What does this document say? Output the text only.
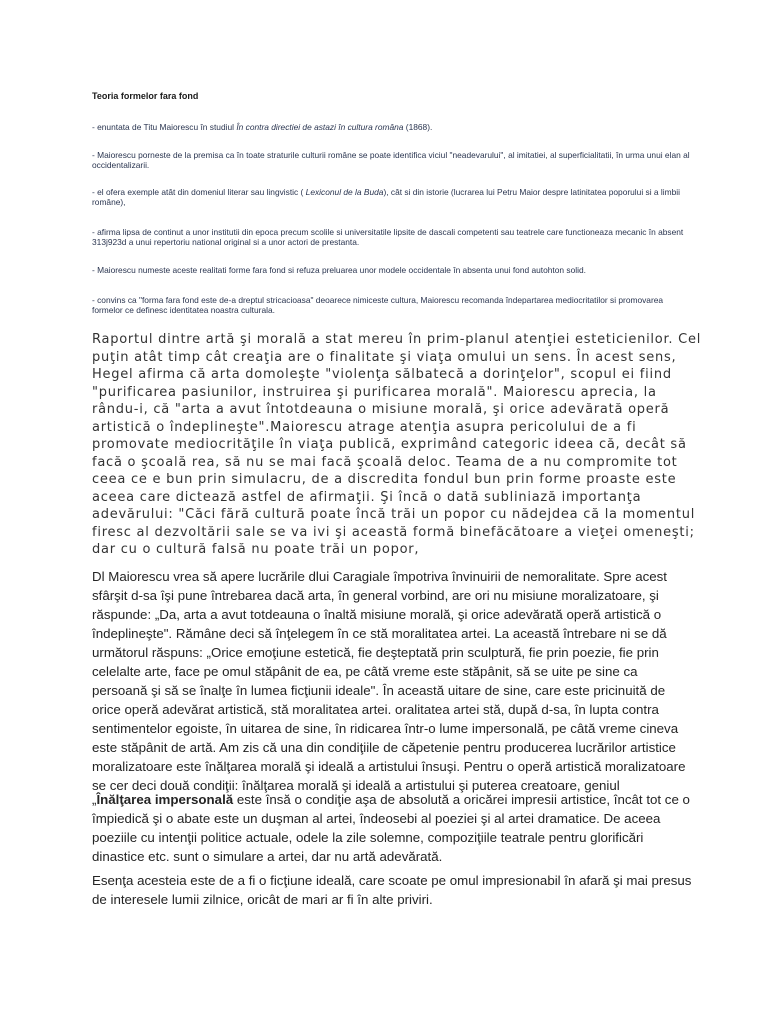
Teoria formelor fara fond

- enuntata de Titu Maiorescu în studiul În contra directiei de astazi în cultura româna (1868).

- Maiorescu porneste de la premisa ca în toate straturile culturii române se poate identifica viciul "neadevarului", al imitatiei, al superficialitatii, în urma unui elan al occidentalizarii.

- el ofera exemple atât din domeniul literar sau lingvistic ( Lexiconul de la Buda), cât si din istorie (lucrarea lui Petru Maior despre latinitatea poporului si a limbii române),

- afirma lipsa de continut a unor institutii din epoca precum scolile si universitatile lipsite de dascali competenti sau teatrele care functioneaza mecanic în absent 313j923d a unui repertoriu national original si a unor actori de prestanta.

- Maiorescu numeste aceste realitati forme fara fond si refuza preluarea unor modele occidentale în absenta unui fond autohton solid.

- convins ca "forma fara fond este de-a dreptul stricacioasa" deoarece nimiceste cultura, Maiorescu recomanda îndepartarea mediocritatilor si promovarea formelor ce definesc identitatea noastra culturala.

Raportul dintre artă şi morală a stat mereu în prim-planul atenţiei esteticienilor. Cel puţin atât timp cât creaţia are o finalitate şi viaţa omului un sens. În acest sens, Hegel afirma că arta domoleşte "violenţa sălbatecă a dorinţelor", scopul ei fiind "purificarea pasiunilor, instruirea şi purificarea morală". Maiorescu aprecia, la rându-i, că "arta a avut întotdeauna o misiune morală, şi orice adevărată operă artistică o îndeplineşte".Maiorescu atrage atenţia asupra pericolului de a fi promovate mediocrităţile în viaţa publică, exprimând categoric ideea că, decât să facă o şcoală rea, să nu se mai facă şcoală deloc. Teama de a nu compromite tot ceea ce e bun prin simulacru, de a discredita fondul bun prin forme proaste este aceea care dictează astfel de afirmaţii. Şi încă o dată subliniază importanţa adevărului: "Căci fără cultură poate încă trăi un popor cu nădejdea că la momentul firesc al dezvoltării sale se va ivi şi această formă binefăcătoare a vieţei omeneşti; dar cu o cultură falsă nu poate trăi un popor,

Dl Maiorescu vrea să apere lucrările dlui Caragiale împotriva învinuirii de nemoralitate. Spre acest sfârşit d-sa îşi pune întrebarea dacă arta, în general vorbind, are ori nu misiune moralizatoare, şi răspunde: „Da, arta a avut totdeauna o înaltă misiune morală, şi orice adevărată operă artistică o îndeplineşte". Rămâne deci să înţelegem în ce stă moralitatea artei. La această întrebare ni se dă următorul răspuns: „Orice emoţiune estetică, fie deşteptată prin sculptură, fie prin poezie, fie prin celelalte arte, face pe omul stăpânit de ea, pe câtă vreme este stăpânit, să se uite pe sine ca persoană şi să se înalţe în lumea ficţiunii ideale". În această uitare de sine, care este pricinuită de orice operă adevărat artistică, stă moralitatea artei. oralitatea artei stă, după d-sa, în lupta contra sentimentelor egoiste, în uitarea de sine, în ridicarea într-o lume impersonală, pe câtă vreme cineva este stăpânit de artă. Am zis că una din condiţiile de căpetenie pentru producerea lucrărilor artistice moralizatoare este înălţarea morală şi ideală a artistului însuşi. Pentru o operă artistică moralizatoare se cer deci două condiţii: înălţarea morală şi ideală a artistului şi puterea creatoare, geniul

„Înălţarea impersonală este însă o condiţie aşa de absolută a oricărei impresii artistice, încât tot ce o împiedică şi o abate este un duşman al artei, îndeosebi al poeziei şi al artei dramatice. De aceea poeziile cu intenţii politice actuale, odele la zile solemne, compoziţiile teatrale pentru glorificări dinastice etc. sunt o simulare a artei, dar nu artă adevărată.

Esenţa acesteia este de a fi o ficţiune ideală, care scoate pe omul impresionabil în afară şi mai presus de interesele lumii zilnice, oricât de mari ar fi în alte priviri.
